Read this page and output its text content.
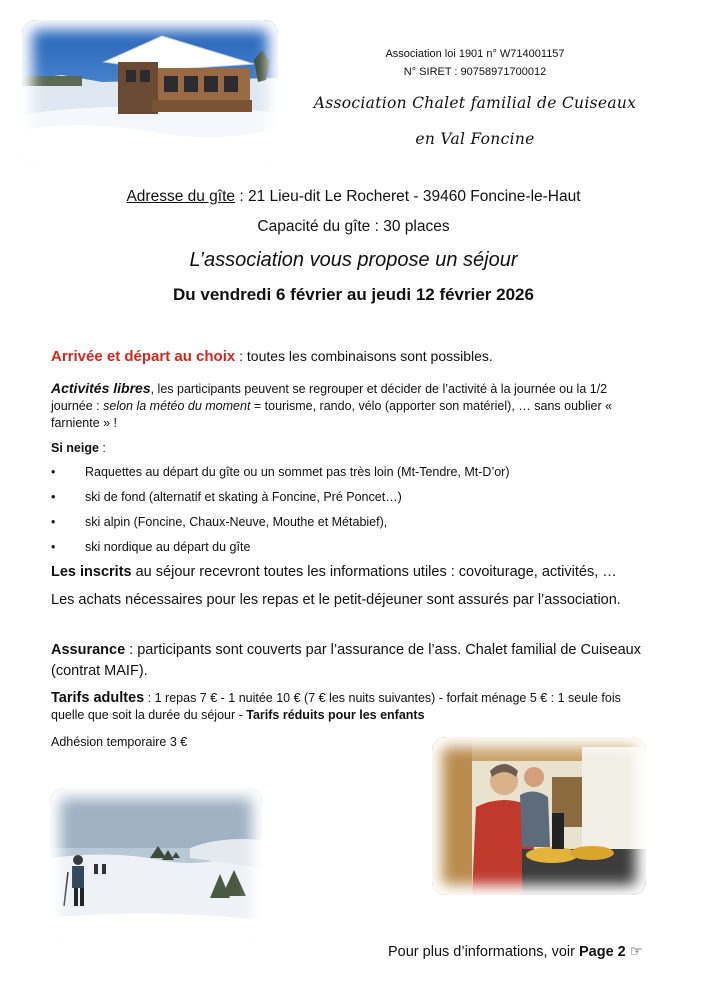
Association loi 1901 n° W714001157
N° SIRET : 90758971700012
Association Chalet familial de Cuiseaux
en Val Foncine
Adresse du gîte : 21 Lieu-dit Le Rocheret - 39460 Foncine-le-Haut
Capacité du gîte : 30 places
L’association vous propose un séjour
Du vendredi 6 février au jeudi 12 février 2026
Arrivée et départ au choix : toutes les combinaisons sont possibles.
Activités libres, les participants peuvent se regrouper et décider de l’activité à la journée ou la 1/2 journée : selon la météo du moment = tourisme, rando, vélo (apporter son matériel), … sans oublier « farniente » !
Si neige :
•	Raquettes au départ du gîte ou un sommet pas très loin (Mt-Tendre, Mt-D’or)
•	ski de fond (alternatif et skating à Foncine, Pré Poncet…)
•	ski alpin (Foncine, Chaux-Neuve, Mouthe et Métabief),
•	ski nordique au départ du gîte
Les inscrits au séjour recevront toutes les informations utiles : covoiturage, activités, …
Les achats nécessaires pour les repas et le petit-déjeuner sont assurés par l’association.
Assurance : participants sont couverts par l’assurance de l’ass. Chalet familial de Cuiseaux (contrat MAIF).
Tarifs adultes : 1 repas 7 € - 1 nuitée 10 € (7 € les nuits suivantes) - forfait ménage 5 € : 1 seule fois quelle que soit la durée du séjour - Tarifs réduits pour les enfants
Adhésion temporaire 3 €
Pour plus d’informations, voir Page 2 ☞
